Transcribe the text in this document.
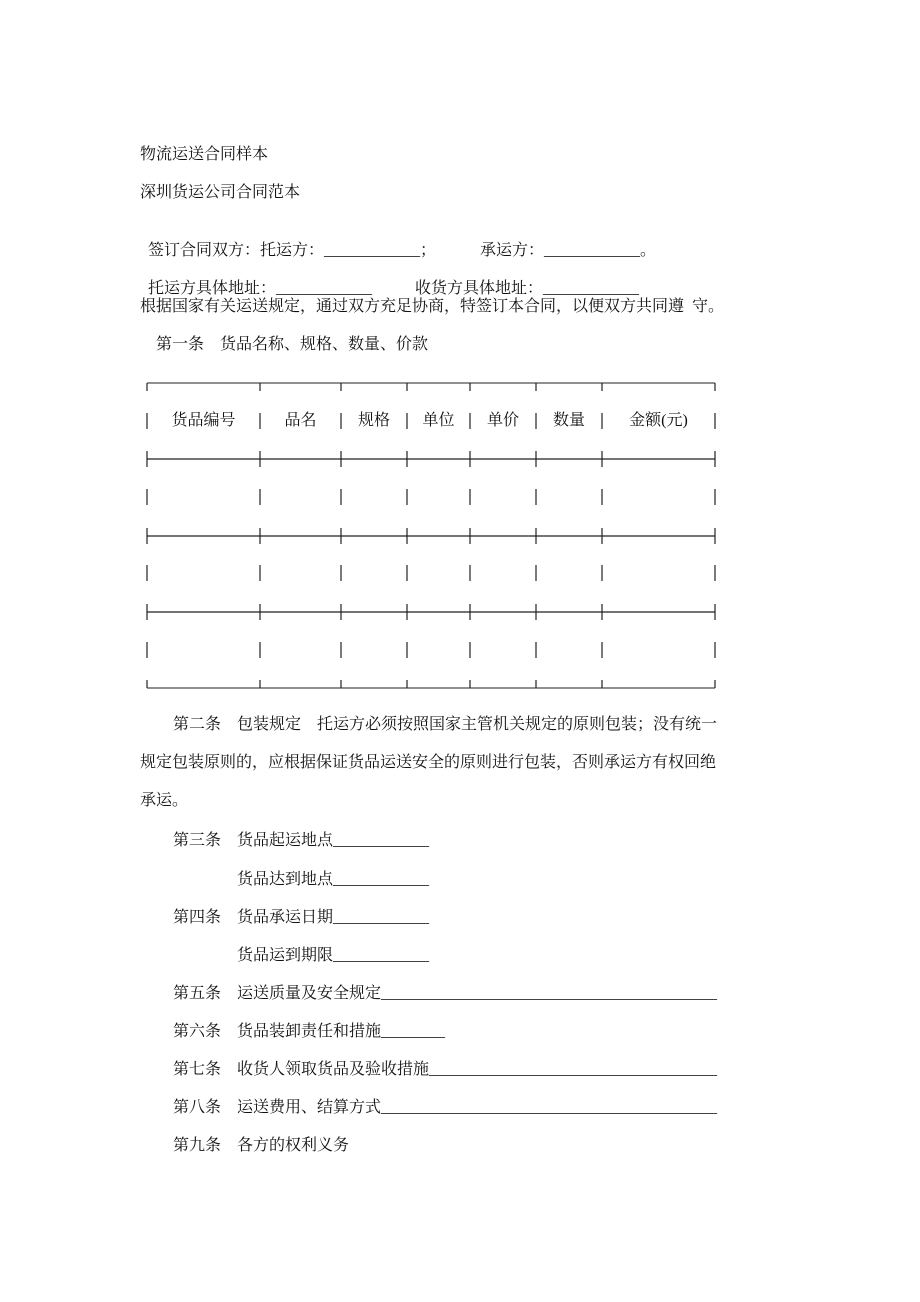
物流运送合同样本
深圳货运公司合同范本

签订合同双方：托运方：____________；	承运方：____________。

托运方具体地址：____________	收货方具体地址：____________

根据国家有关运送规定，通过双方充足协商，特签订本合同，以便双方共同遵  守。
第一条　货品名称、规格、数量、价款
货品编号	品名	规格	单位	单价	数量	金额(元)
第二条　包装规定　托运方必须按照国家主管机关规定的原则包装；没有统一
规定包装原则的，应根据保证货品运送安全的原则进行包装，否则承运方有权回绝
承运。
第三条 货品起运地点____________
货品达到地点____________
第四条 货品承运日期____________
货品运到期限____________
第五条 运送质量及安全规定__________________________________________
第六条 货品装卸责任和措施________
第七条 收货人领取货品及验收措施____________________________________
第八条 运送费用、结算方式__________________________________________
第九条 各方的权利义务
